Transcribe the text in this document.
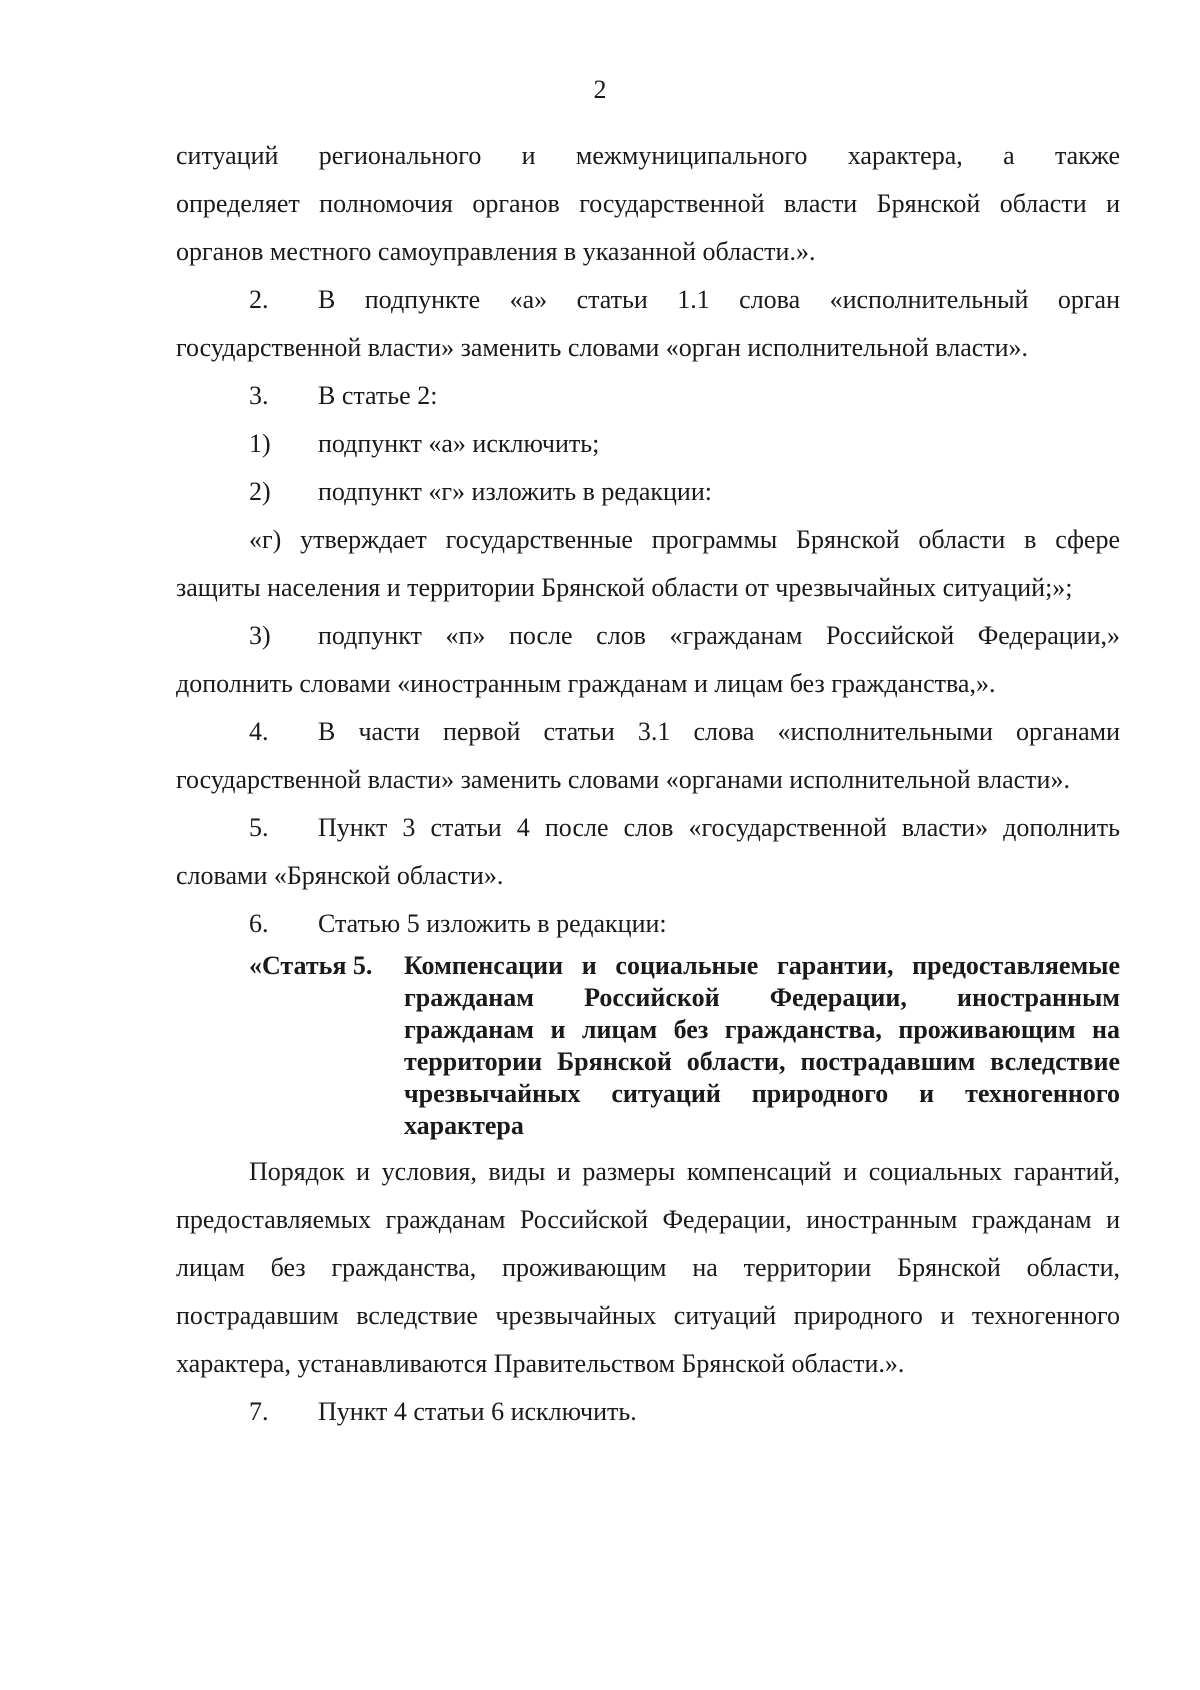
2

ситуаций регионального и межмуниципального характера, а также

определяет полномочия органов государственной власти Брянской области и органов местного самоуправления в указанной области.».

2. В подпункте «а» статьи 1.1 слова «исполнительный орган государственной власти» заменить словами «орган исполнительной власти».

3.	В статье 2:
1)	подпункт «а» исключить;
2)	подпункт «г» изложить в редакции:

«г) утверждает государственные программы Брянской области в сфере защиты населения и территории Брянской области от чрезвычайных ситуаций;»;

3) подпункт «п» после слов «гражданам Российской Федерации,» дополнить словами «иностранным гражданам и лицам без гражданства,».

4. В части первой статьи 3.1 слова «исполнительными органами государственной власти» заменить словами «органами исполнительной власти».

5. Пункт 3 статьи 4 после слов «государственной власти» дополнить словами «Брянской области».

6.	Статью 5 изложить в редакции:
«Статья 5.	Компенсации и социальные гарантии, предоставляемые гражданам Российской Федерации, иностранным гражданам и лицам без гражданства, проживающим на территории Брянской области, пострадавшим вследствие чрезвычайных ситуаций природного и техногенного характера

Порядок и условия, виды и размеры компенсаций и социальных гарантий, предоставляемых гражданам Российской Федерации, иностранным гражданам и лицам без гражданства, проживающим на территории Брянской области, пострадавшим вследствие чрезвычайных ситуаций природного и техногенного характера, устанавливаются Правительством Брянской области.».

7.	Пункт 4 статьи 6 исключить.
